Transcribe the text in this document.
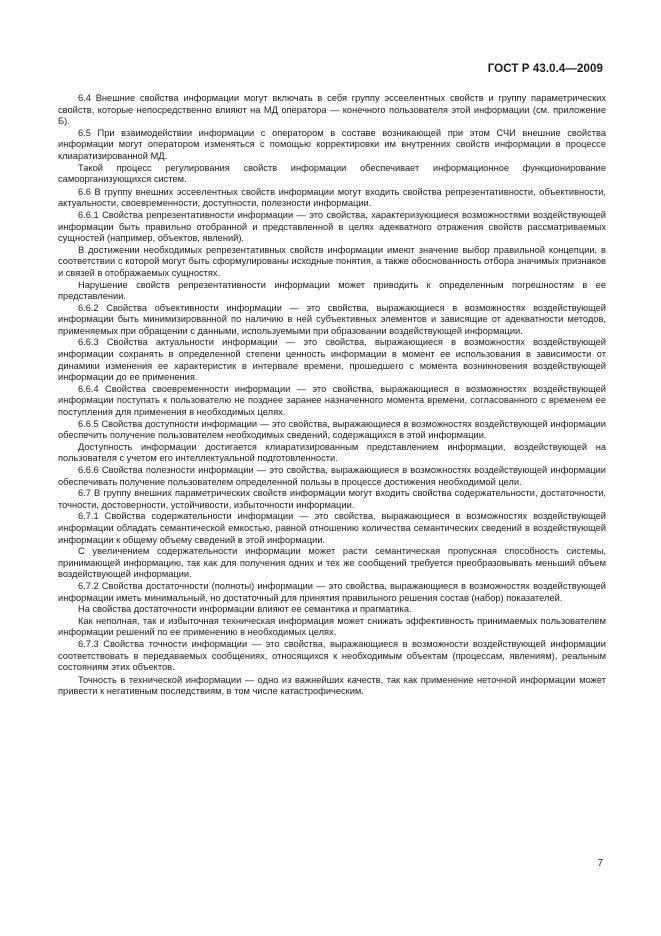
ГОСТ Р 43.0.4—2009

6.4 Внешние свойства информации могут включать в себя группу эссеeлентных свойств и группу параметрических свойств, которые непосредственно влияют на МД оператора — конечного пользователя этой информации (см. приложение Б).

6.5 При взаимодействии информации с оператором в составе возникающей при этом СЧИ внешние свойства информации могут оператором изменяться с помощью корректировки им внутренних свойств информации в процессе клиаратизированной МД.

Такой процесс регулирования свойств информации обеспечивает информационное функционирование самоорганизующихся систем.

6.6 В группу внешних эссеeлентных свойств информации могут входить свойства репрезентативности, объективности, актуальности, своевременности, доступности, полезности информации.

6.6.1 Свойства репрезентативности информации — это свойства, характеризующиеся возможностями воздействующей информации быть правильно отобранной и представленной в целях адекватного отражения свойств рассматриваемых сущностей (например, объектов, явлений).

В достижении необходимых репрезентативных свойств информации имеют значение выбор правильной концепции, в соответствии с которой могут быть сформулированы исходные понятия, а также обоснованность отбора значимых признаков и связей в отображаемых сущностях.

Нарушение свойств репрезентативности информации может приводить к определенным погрешностям в ее представлении.

6.6.2 Свойства объективности информации — это свойства, выражающиеся в возможностях воздействующей информации быть минимизированной по наличию в ней субъективных элементов и зависящие от адекватности методов, применяемых при обращении с данными, используемыми при образовании воздействующей информации.

6.6.3 Свойства актуальности информации — это свойства, выражающиеся в возможностях воздействующей информации сохранять в определенной степени ценность информации в момент ее использования в зависимости от динамики изменения ее характеристик в интервале времени, прошедшего с момента возникновения воздействующей информации до ее применения.

6.6.4 Свойства своевременности информации — это свойства, выражающиеся в возможностях воздействующей информации поступать к пользователю не позднее заранее назначенного момента времени, согласованного с временем ее поступления для применения в необходимых целях.

6.6.5 Свойства доступности информации — это свойства, выражающиеся в возможностях воздействующей информации обеспечить получение пользователем необходимых сведений, содержащихся в этой информации.

Доступность информации достигается клиаратизированным представлением информации, воздействующей на пользователя с учетом его интеллектуальной подготовленности.

6.6.6 Свойства полезности информации — это свойства, выражающиеся в возможностях воздействующей информации обеспечивать получение пользователем определенной пользы в процессе достижения необходимой цели.

6.7 В группу внешних параметрических свойств информации могут входить свойства содержательности, достаточности, точности, достоверности, устойчивости, избыточности информации.

6.7.1 Свойства содержательности информации — это свойства, выражающиеся в возможностях воздействующей информации обладать семантической емкостью, равной отношению количества семантических сведений в воздействующей информации к общему объему сведений в этой информации.

С увеличением содержательности информации может расти семантическая пропускная способность системы, принимающей информацию, так как для получения одних и тех же сообщений требуется преобразовывать меньший объем воздействующей информации.

6.7.2 Свойства достаточности (полноты) информации — это свойства, выражающиеся в возможностях воздействующей информации иметь минимальный, но достаточный для принятия правильного решения состав (набор) показателей.

На свойства достаточности информации влияют ее семантика и прагматика.

Как неполная, так и избыточная техническая информация может снижать эффективность принимаемых пользователем информации решений по ее применению в необходимых целях.

6.7.3 Свойства точности информации — это свойства, выражающиеся в возможности воздействующей информации соответствовать в передаваемых сообщениях, относящихся к необходимым объектам (процессам, явлениям), реальным состояниям этих объектов.

Точность в технической информации — одно из важнейших качеств, так как применение неточной информации может привести к негативным последствиям, в том числе катастрофическим.

7
